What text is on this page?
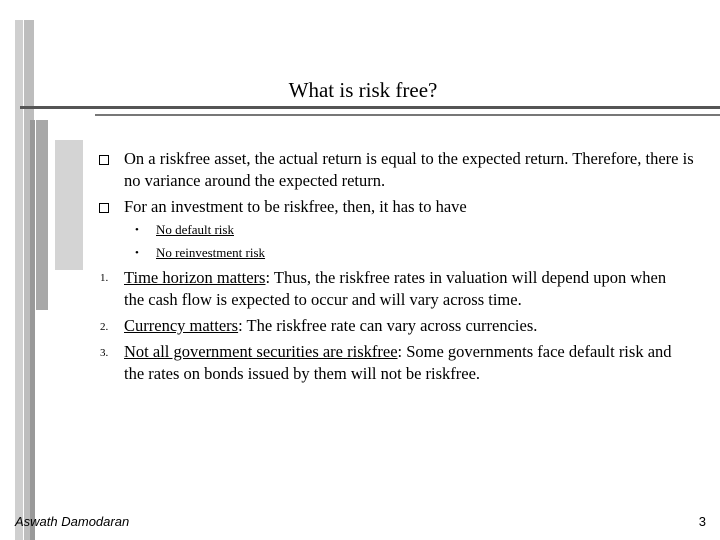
What is risk free?
On a riskfree asset, the actual return is equal to the expected return. Therefore, there is no variance around the expected return.
For an investment to be riskfree, then, it has to have
• No default risk
• No reinvestment risk
1. Time horizon matters: Thus, the riskfree rates in valuation will depend upon when the cash flow is expected to occur and will vary across time.
2. Currency matters: The riskfree rate can vary across currencies.
3. Not all government securities are riskfree: Some governments face default risk and the rates on bonds issued by them will not be riskfree.
Aswath Damodaran	3
